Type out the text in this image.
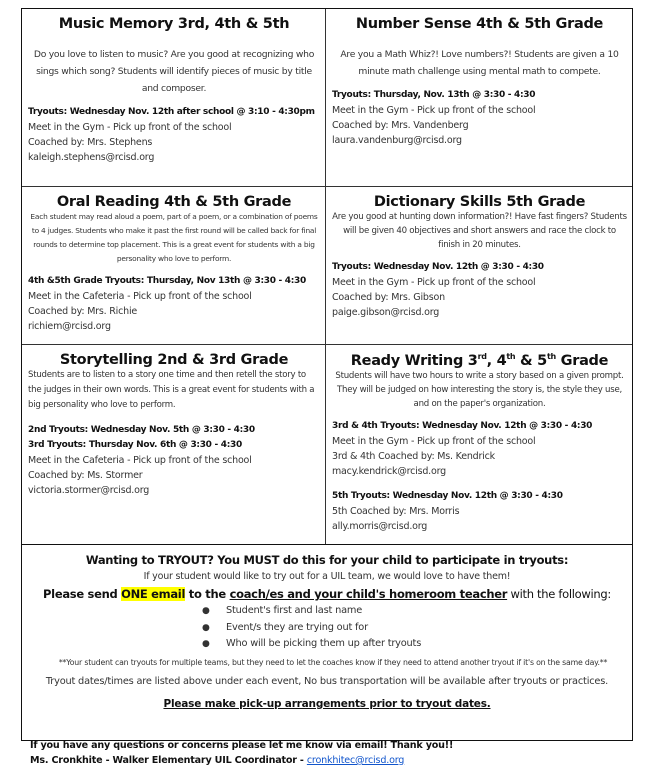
Music Memory 3rd, 4th & 5th
Do you love to listen to music? Are you good at recognizing who sings which song? Students will identify pieces of music by title and composer.
Tryouts: Wednesday Nov. 12th after school @ 3:10 - 4:30pm
Meet in the Gym - Pick up front of the school
Coached by: Mrs. Stephens
kaleigh.stephens@rcisd.org
Number Sense 4th & 5th Grade
Are you a Math Whiz?! Love numbers?! Students are given a 10 minute math challenge using mental math to compete.
Tryouts: Thursday, Nov. 13th @ 3:30 - 4:30
Meet in the Gym - Pick up front of the school
Coached by: Mrs. Vandenberg
laura.vandenburg@rcisd.org
Oral Reading 4th & 5th Grade
Each student may read aloud a poem, part of a poem, or a combination of poems to 4 judges. Students who make it past the first round will be called back for final rounds to determine top placement. This is a great event for students with a big personality who love to perform.
4th &5th Grade Tryouts: Thursday, Nov 13th @ 3:30 - 4:30
Meet in the Cafeteria - Pick up front of the school
Coached by: Mrs. Richie
richiem@rcisd.org
Dictionary Skills 5th Grade
Are you good at hunting down information?! Have fast fingers? Students will be given 40 objectives and short answers and race the clock to finish in 20 minutes.
Tryouts: Wednesday Nov. 12th @ 3:30 - 4:30
Meet in the Gym - Pick up front of the school
Coached by: Mrs. Gibson
paige.gibson@rcisd.org
Storytelling 2nd & 3rd Grade
Students are to listen to a story one time and then retell the story to the judges in their own words. This is a great event for students with a big personality who love to perform.
2nd Tryouts: Wednesday Nov. 5th @ 3:30 - 4:30
3rd Tryouts: Thursday Nov. 6th @ 3:30 - 4:30
Meet in the Cafeteria - Pick up front of the school
Coached by: Ms. Stormer
victoria.stormer@rcisd.org
Ready Writing 3rd, 4th & 5th Grade
Students will have two hours to write a story based on a given prompt. They will be judged on how interesting the story is, the style they use, and on the paper's organization.
3rd & 4th Tryouts: Wednesday Nov. 12th @ 3:30 - 4:30
Meet in the Gym - Pick up front of the school
3rd & 4th Coached by: Ms. Kendrick
macy.kendrick@rcisd.org
5th Tryouts: Wednesday Nov. 12th @ 3:30 - 4:30
5th Coached by: Mrs. Morris
ally.morris@rcisd.org
Wanting to TRYOUT? You MUST do this for your child to participate in tryouts:
If your student would like to try out for a UIL team, we would love to have them!
Please send ONE email to the coach/es and your child's homeroom teacher with the following:
● Student's first and last name
● Event/s they are trying out for
● Who will be picking them up after tryouts
**Your student can tryouts for multiple teams, but they need to let the coaches know if they need to attend another tryout if it's on the same day.**
Tryout dates/times are listed above under each event, No bus transportation will be available after tryouts or practices. Please make pick-up arrangements prior to tryout dates.
If you have any questions or concerns please let me know via email! Thank you!!
Ms. Cronkhite - Walker Elementary UIL Coordinator - cronkhitec@rcisd.org
